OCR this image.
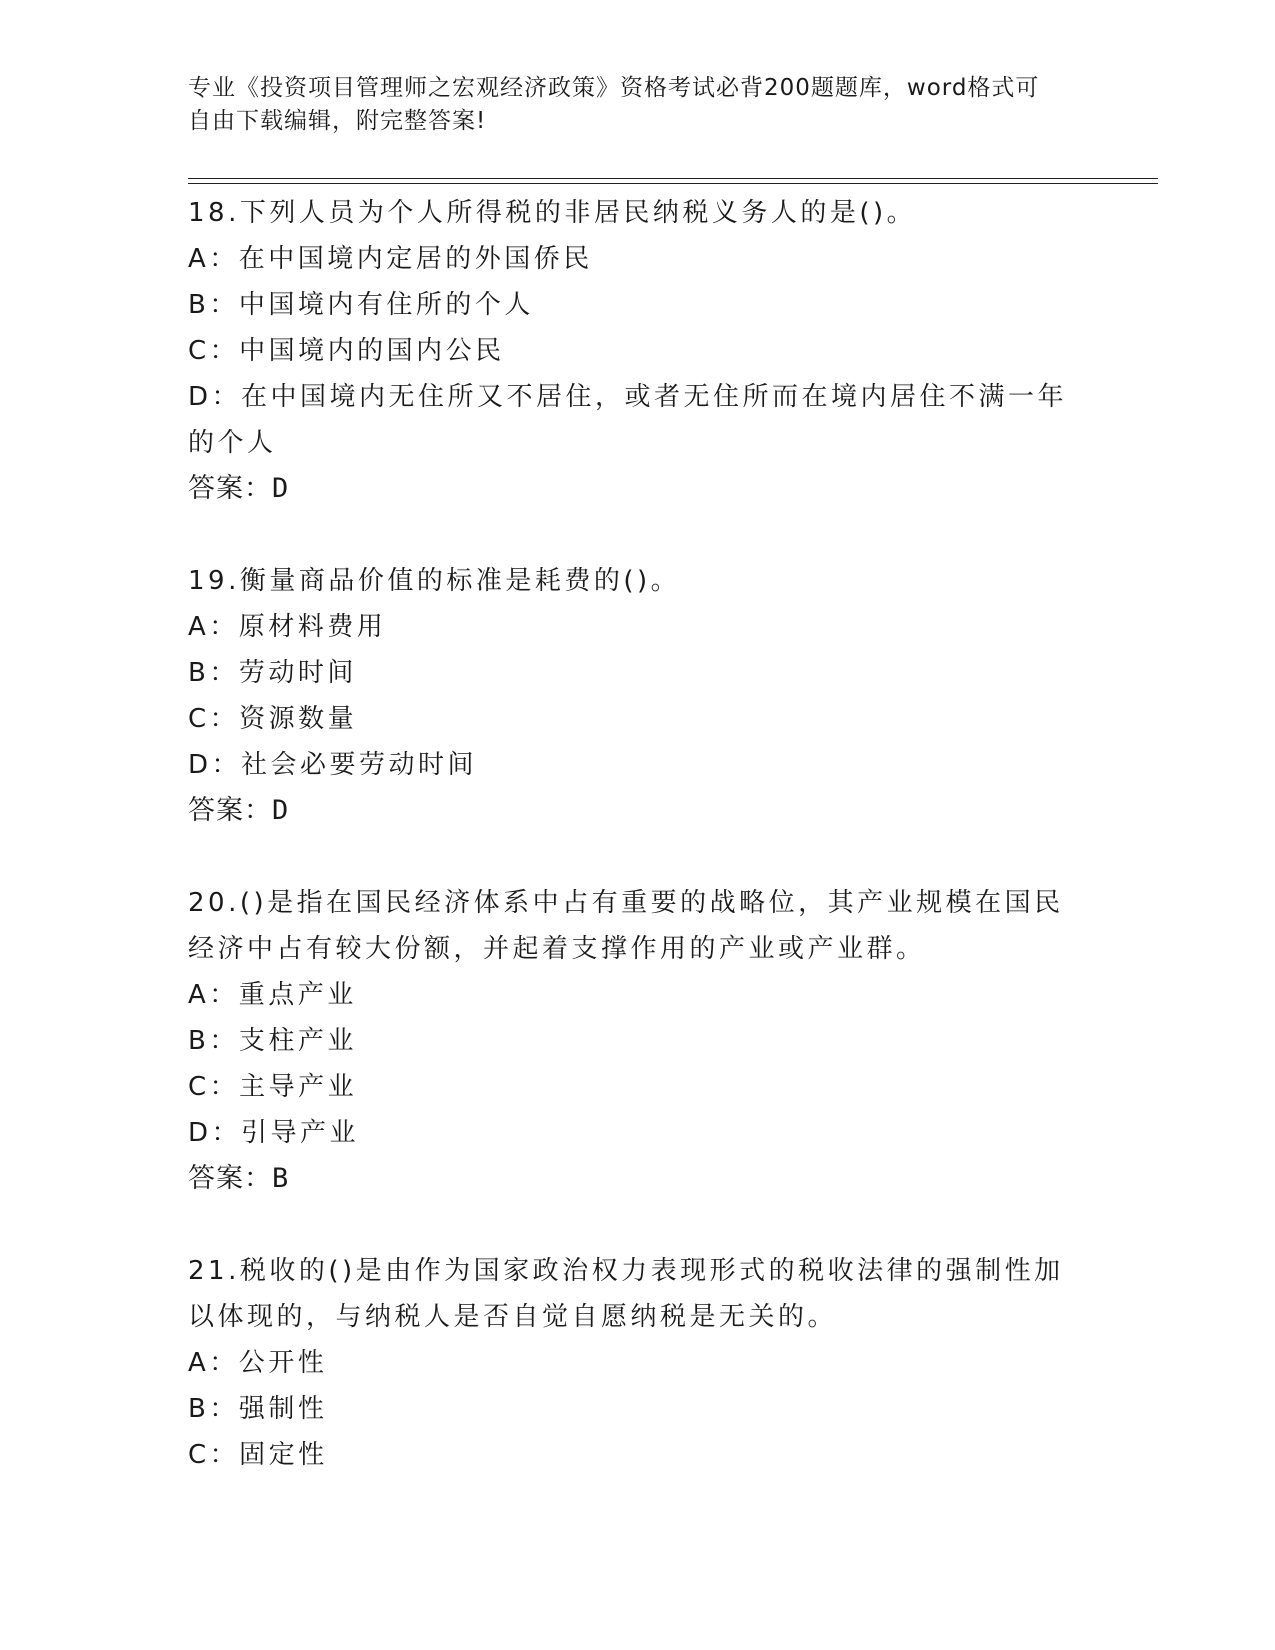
专业《投资项目管理师之宏观经济政策》资格考试必背200题题库，word格式可
自由下载编辑，附完整答案!
18.下列人员为个人所得税的非居民纳税义务人的是()。
A：在中国境内定居的外国侨民
B：中国境内有住所的个人
C：中国境内的国内公民
D：在中国境内无住所又不居住，或者无住所而在境内居住不满一年的个人
答案：D
19.衡量商品价值的标准是耗费的()。
A：原材料费用
B：劳动时间
C：资源数量
D：社会必要劳动时间
答案：D
20.()是指在国民经济体系中占有重要的战略位，其产业规模在国民经济中占有较大份额，并起着支撑作用的产业或产业群。
A：重点产业
B：支柱产业
C：主导产业
D：引导产业
答案：B
21.税收的()是由作为国家政治权力表现形式的税收法律的强制性加以体现的，与纳税人是否自觉自愿纳税是无关的。
A：公开性
B：强制性
C：固定性
